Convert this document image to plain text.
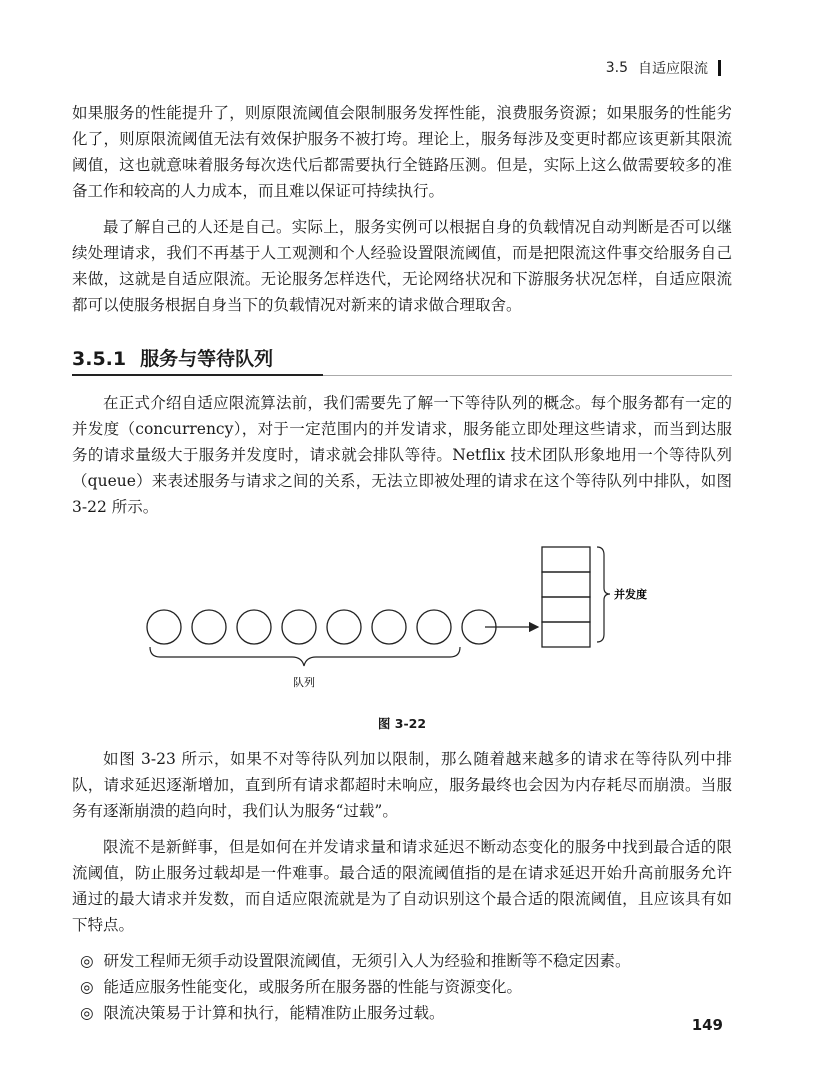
3.5 自适应限流

如果服务的性能提升了，则原限流阈值会限制服务发挥性能，浪费服务资源；如果服务的性能劣化了，则原限流阈值无法有效保护服务不被打垮。理论上，服务每涉及变更时都应该更新其限流阈值，这也就意味着服务每次迭代后都需要执行全链路压测。但是，实际上这么做需要较多的准备工作和较高的人力成本，而且难以保证可持续执行。

最了解自己的人还是自己。实际上，服务实例可以根据自身的负载情况自动判断是否可以继续处理请求，我们不再基于人工观测和个人经验设置限流阈值，而是把限流这件事交给服务自己来做，这就是自适应限流。无论服务怎样迭代，无论网络状况和下游服务状况怎样，自适应限流都可以使服务根据自身当下的负载情况对新来的请求做合理取舍。

3.5.1 服务与等待队列

在正式介绍自适应限流算法前，我们需要先了解一下等待队列的概念。每个服务都有一定的并发度（concurrency），对于一定范围内的并发请求，服务能立即处理这些请求，而当到达服务的请求量级大于服务并发度时，请求就会排队等待。Netflix 技术团队形象地用一个等待队列（queue）来表述服务与请求之间的关系，无法立即被处理的请求在这个等待队列中排队，如图 3-22 所示。

并发度
队列
图 3-22

如图 3-23 所示，如果不对等待队列加以限制，那么随着越来越多的请求在等待队列中排队，请求延迟逐渐增加，直到所有请求都超时未响应，服务最终也会因为内存耗尽而崩溃。当服务有逐渐崩溃的趋向时，我们认为服务“过载”。

限流不是新鲜事，但是如何在并发请求量和请求延迟不断动态变化的服务中找到最合适的限流阈值，防止服务过载却是一件难事。最合适的限流阈值指的是在请求延迟开始升高前服务允许通过的最大请求并发数，而自适应限流就是为了自动识别这个最合适的限流阈值，且应该具有如下特点。

◎ 研发工程师无须手动设置限流阈值，无须引入人为经验和推断等不稳定因素。
◎ 能适应服务性能变化，或服务所在服务器的性能与资源变化。
◎ 限流决策易于计算和执行，能精准防止服务过载。
149
